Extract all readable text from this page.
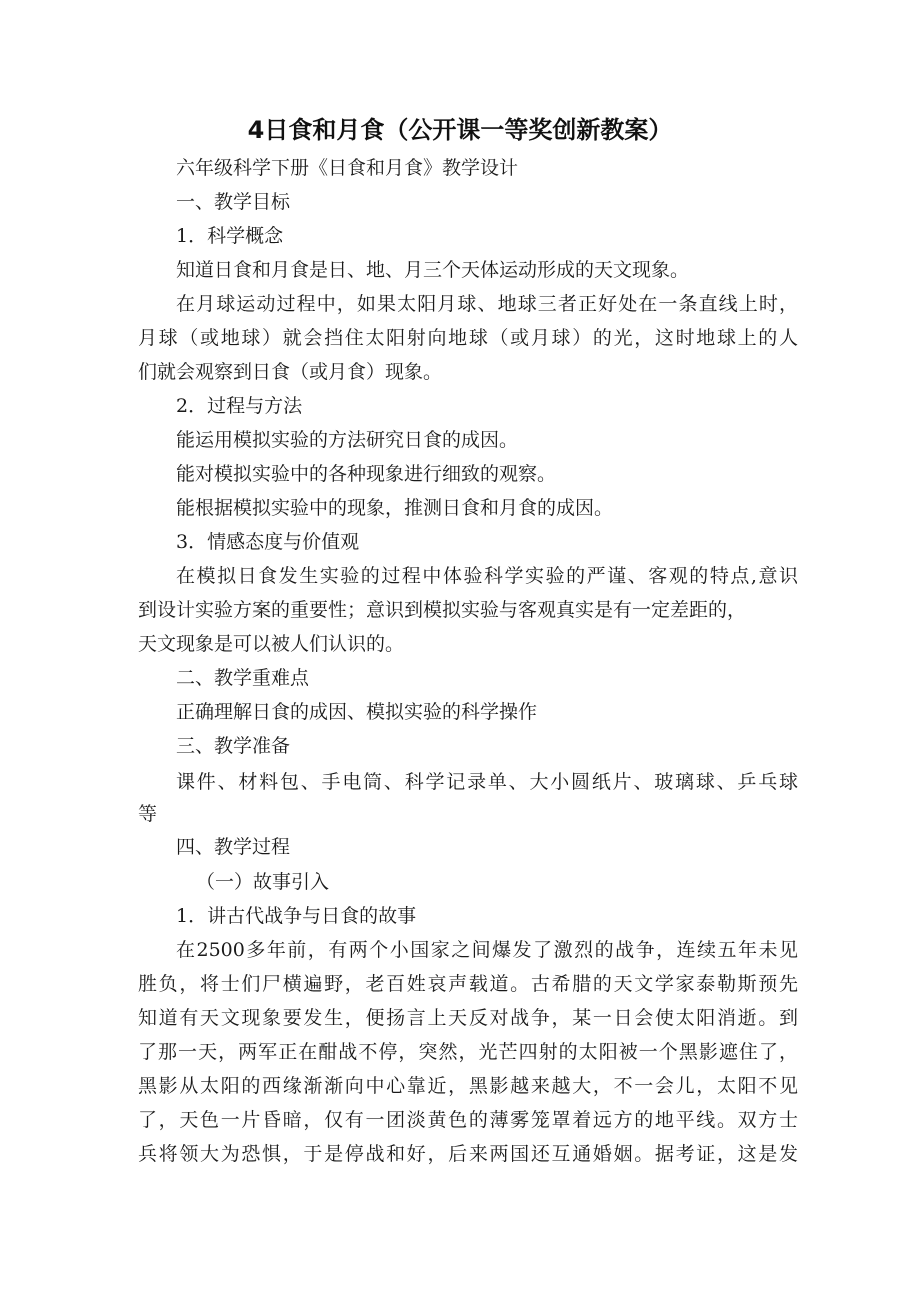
4日食和月食（公开课一等奖创新教案）
六年级科学下册《日食和月食》教学设计
一、教学目标
1．科学概念
知道日食和月食是日、地、月三个天体运动形成的天文现象。
在月球运动过程中，如果太阳月球、地球三者正好处在一条直线上时，
月球（或地球）就会挡住太阳射向地球（或月球）的光，这时地球上的人
们就会观察到日食（或月食）现象。
2．过程与方法
能运用模拟实验的方法研究日食的成因。
能对模拟实验中的各种现象进行细致的观察。
能根据模拟实验中的现象，推测日食和月食的成因。
3．情感态度与价值观
在模拟日食发生实验的过程中体验科学实验的严谨、客观的特点,意识
到设计实验方案的重要性；意识到模拟实验与客观真实是有一定差距的，
天文现象是可以被人们认识的。
二、教学重难点
正确理解日食的成因、模拟实验的科学操作
三、教学准备
课件、材料包、手电筒、科学记录单、大小圆纸片、玻璃球、乒乓球
等
四、教学过程
（一）故事引入
1．讲古代战争与日食的故事
在2500多年前，有两个小国家之间爆发了激烈的战争，连续五年未见
胜负，将士们尸横遍野，老百姓哀声载道。古希腊的天文学家泰勒斯预先
知道有天文现象要发生，便扬言上天反对战争，某一日会使太阳消逝。到
了那一天，两军正在酣战不停，突然，光芒四射的太阳被一个黑影遮住了，
黑影从太阳的西缘渐渐向中心靠近，黑影越来越大，不一会儿，太阳不见
了，天色一片昏暗，仅有一团淡黄色的薄雾笼罩着远方的地平线。双方士
兵将领大为恐惧，于是停战和好，后来两国还互通婚姻。据考证，这是发
